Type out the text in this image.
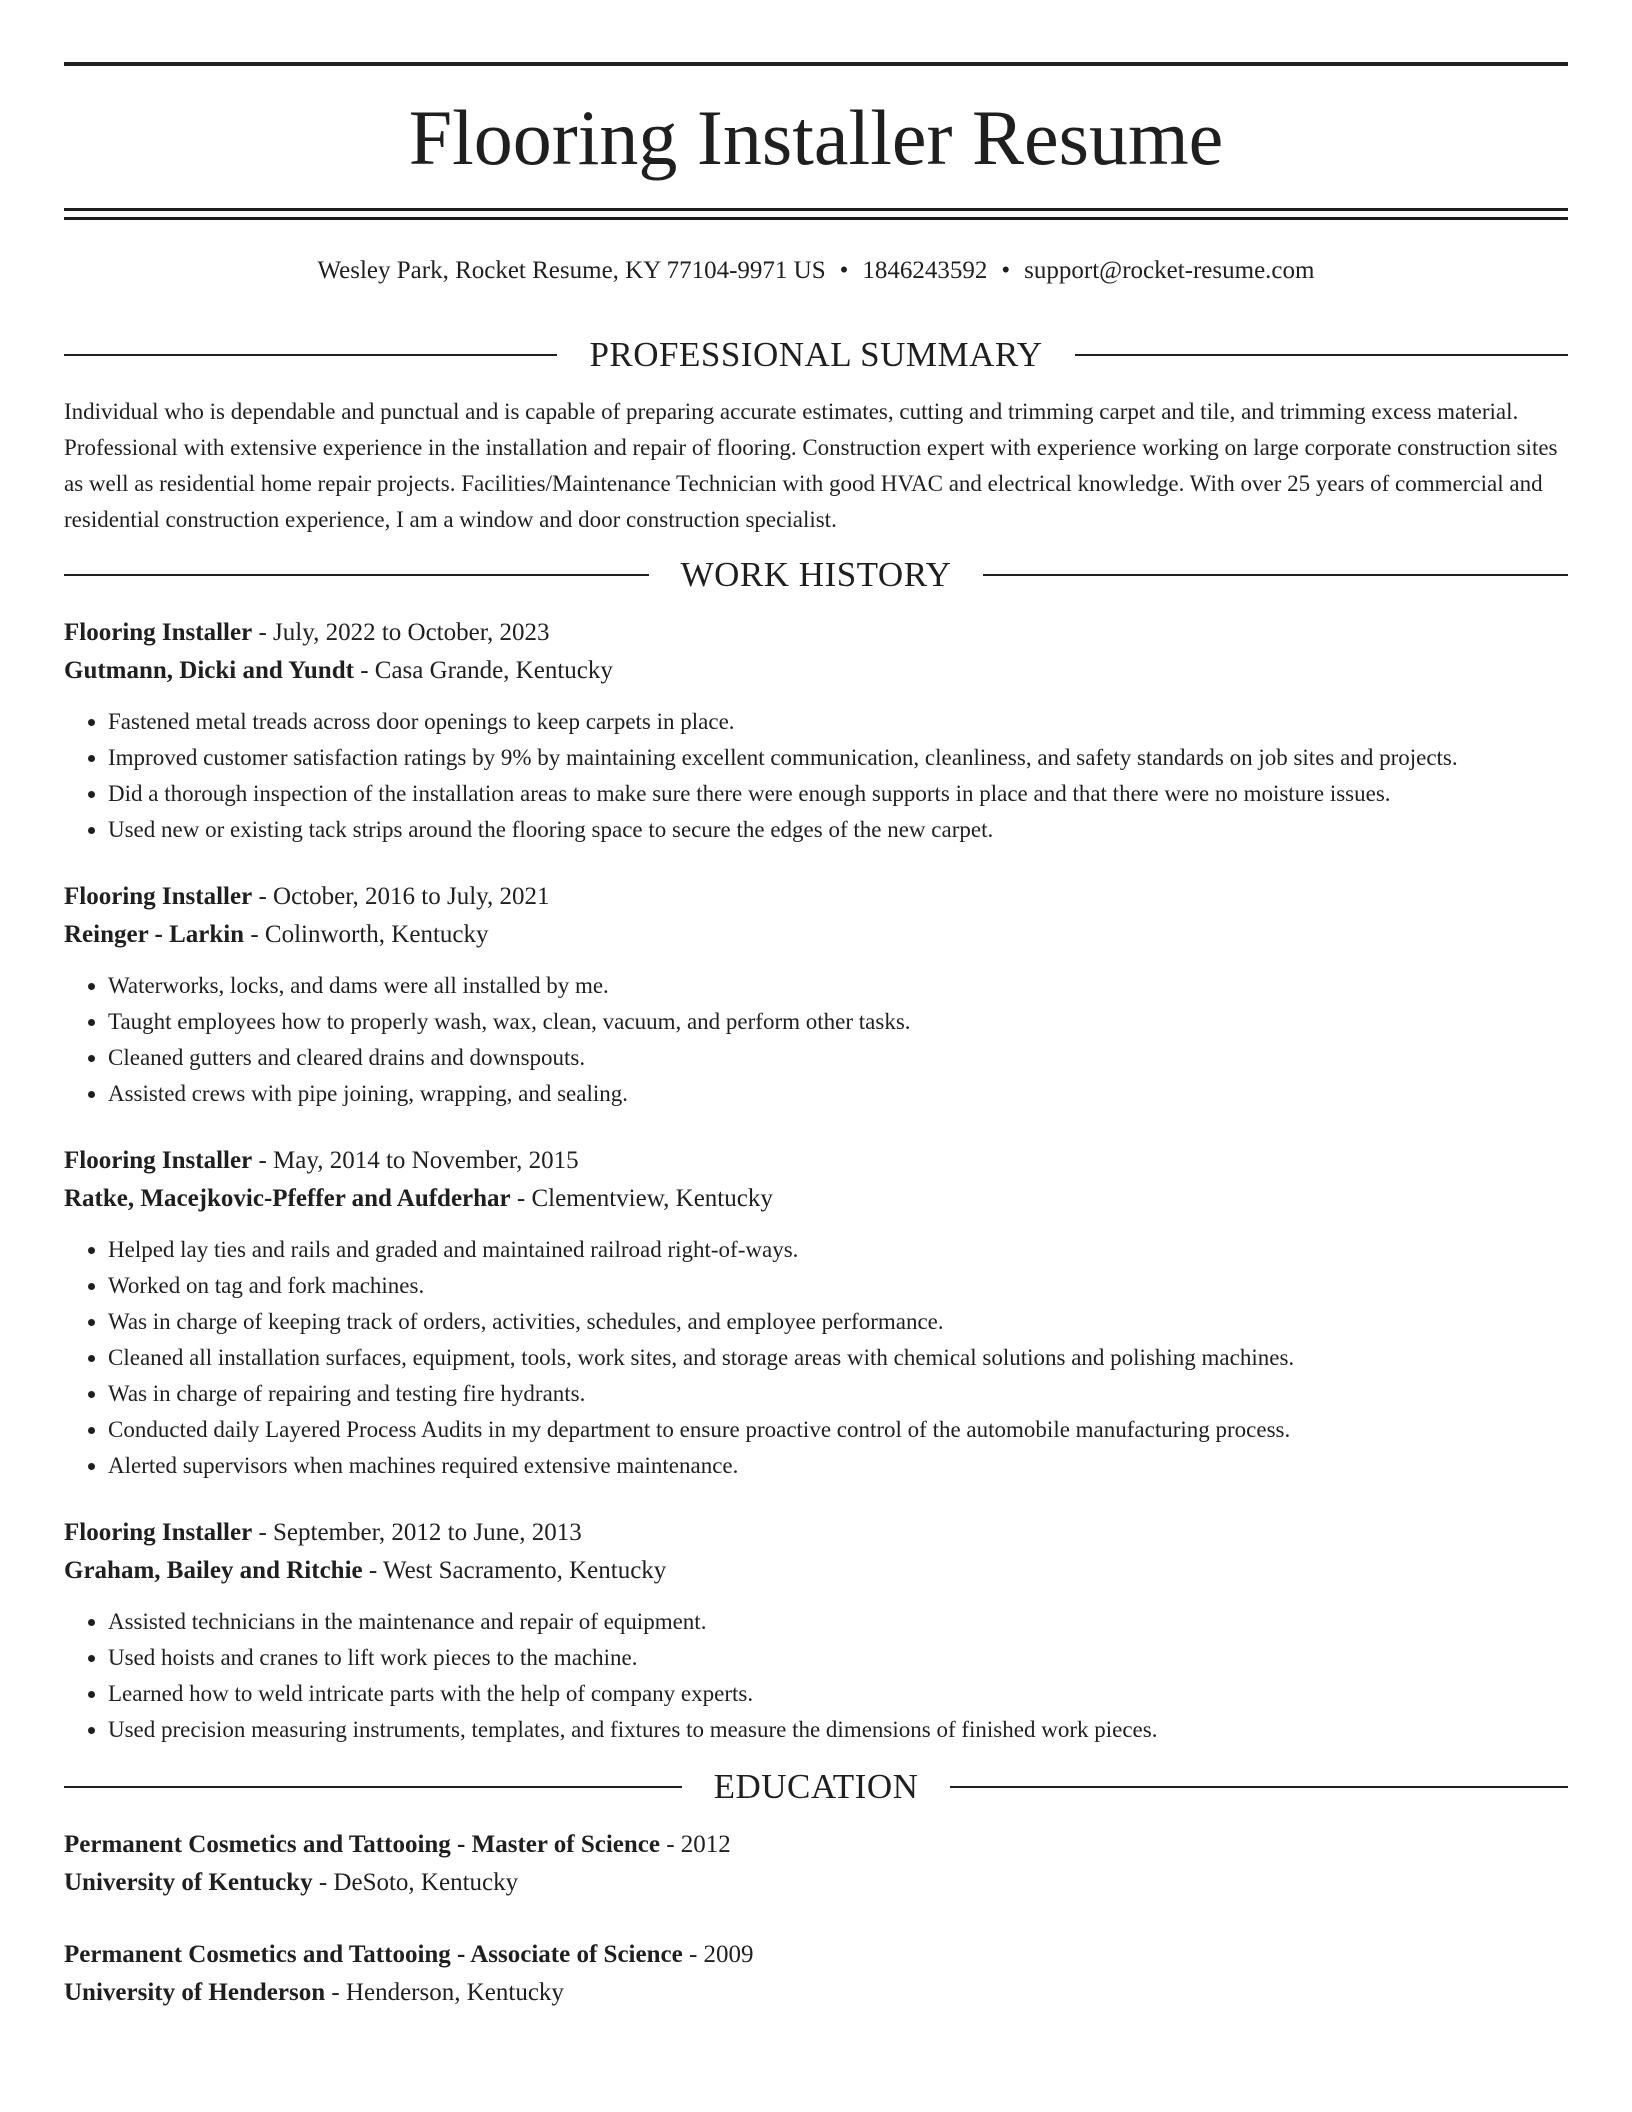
Flooring Installer Resume
Wesley Park, Rocket Resume, KY 77104-9971 US • 1846243592 • support@rocket-resume.com
PROFESSIONAL SUMMARY

Individual who is dependable and punctual and is capable of preparing accurate estimates, cutting and trimming carpet and tile, and trimming excess material. Professional with extensive experience in the installation and repair of flooring. Construction expert with experience working on large corporate construction sites as well as residential home repair projects. Facilities/Maintenance Technician with good HVAC and electrical knowledge. With over 25 years of commercial and residential construction experience, I am a window and door construction specialist.

WORK HISTORY
Flooring Installer - July, 2022 to October, 2023
Gutmann, Dicki and Yundt - Casa Grande, Kentucky
• Fastened metal treads across door openings to keep carpets in place.
• Improved customer satisfaction ratings by 9% by maintaining excellent communication, cleanliness, and safety standards on job sites and projects.
• Did a thorough inspection of the installation areas to make sure there were enough supports in place and that there were no moisture issues.
• Used new or existing tack strips around the flooring space to secure the edges of the new carpet.
Flooring Installer - October, 2016 to July, 2021
Reinger - Larkin - Colinworth, Kentucky
• Waterworks, locks, and dams were all installed by me.
• Taught employees how to properly wash, wax, clean, vacuum, and perform other tasks.
• Cleaned gutters and cleared drains and downspouts.
• Assisted crews with pipe joining, wrapping, and sealing.
Flooring Installer - May, 2014 to November, 2015
Ratke, Macejkovic-Pfeffer and Aufderhar - Clementview, Kentucky
• Helped lay ties and rails and graded and maintained railroad right-of-ways.
• Worked on tag and fork machines.
• Was in charge of keeping track of orders, activities, schedules, and employee performance.
• Cleaned all installation surfaces, equipment, tools, work sites, and storage areas with chemical solutions and polishing machines.
• Was in charge of repairing and testing fire hydrants.
• Conducted daily Layered Process Audits in my department to ensure proactive control of the automobile manufacturing process.
• Alerted supervisors when machines required extensive maintenance.
Flooring Installer - September, 2012 to June, 2013
Graham, Bailey and Ritchie - West Sacramento, Kentucky
• Assisted technicians in the maintenance and repair of equipment.
• Used hoists and cranes to lift work pieces to the machine.
• Learned how to weld intricate parts with the help of company experts.
• Used precision measuring instruments, templates, and fixtures to measure the dimensions of finished work pieces.
EDUCATION
Permanent Cosmetics and Tattooing - Master of Science - 2012
University of Kentucky - DeSoto, Kentucky
Permanent Cosmetics and Tattooing - Associate of Science - 2009
University of Henderson - Henderson, Kentucky
